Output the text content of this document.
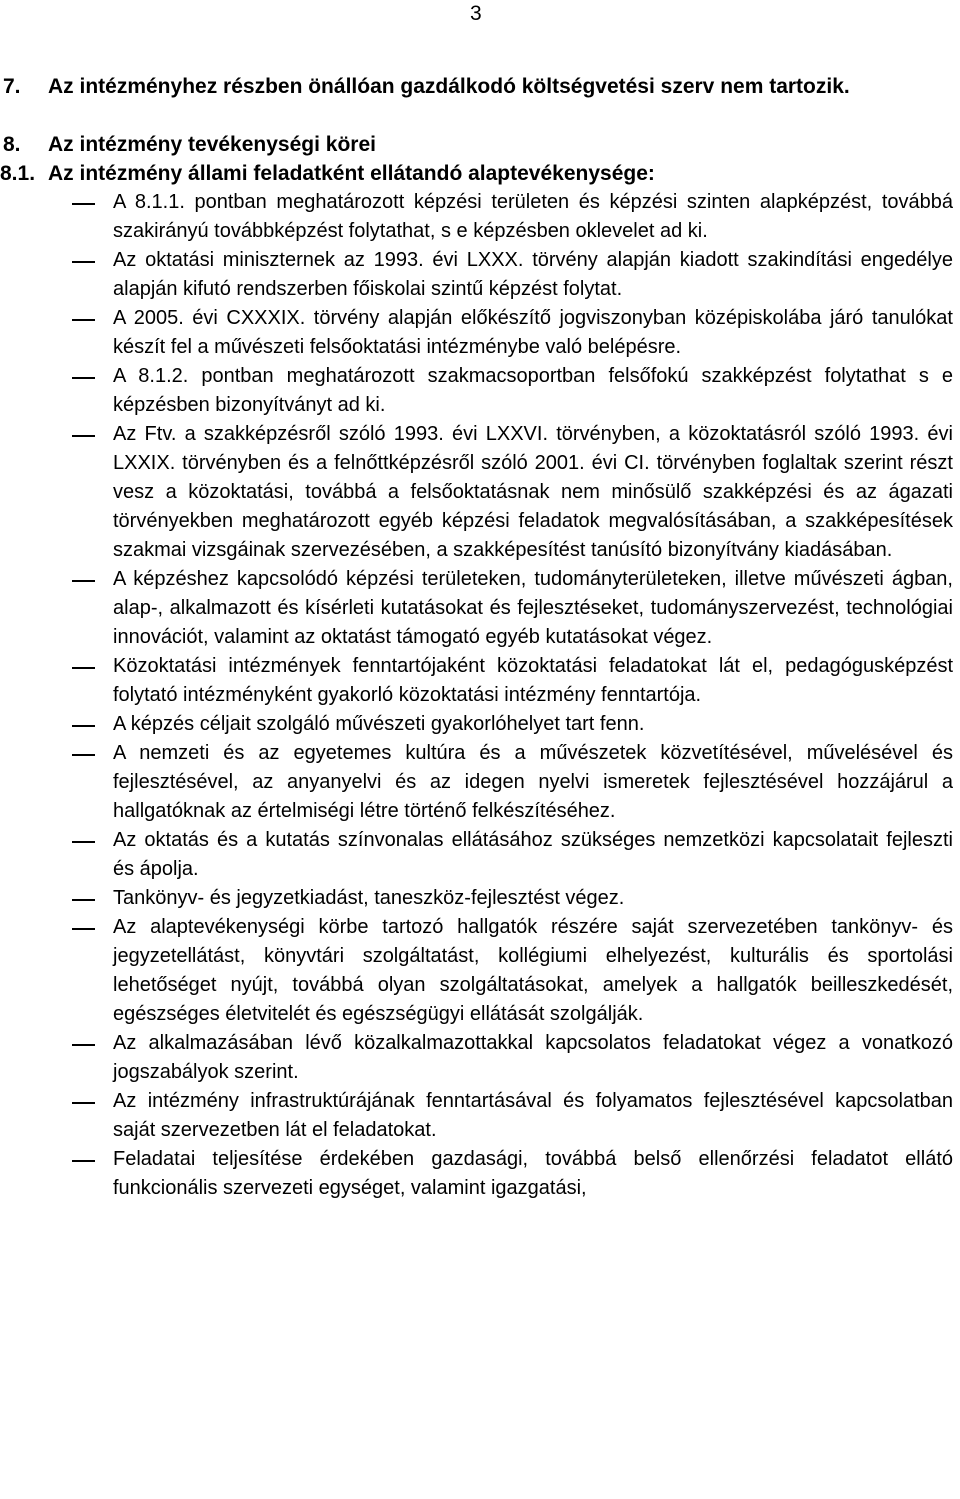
3
7.	Az intézményhez részben önállóan gazdálkodó költségvetési szerv nem tartozik.
8.	Az intézmény tevékenységi körei
8.1. Az intézmény állami feladatként ellátandó alaptevékenysége:
A 8.1.1. pontban meghatározott képzési területen és képzési szinten alapképzést, továbbá szakirányú továbbképzést folytathat, s e képzésben oklevelet ad ki.
Az oktatási miniszternek az 1993. évi LXXX. törvény alapján kiadott szakindítási engedélye alapján kifutó rendszerben főiskolai szintű képzést folytat.
A 2005. évi CXXXIX. törvény alapján előkészítő jogviszonyban középiskolába járó tanulókat készít fel a művészeti felsőoktatási intézménybe való belépésre.
A 8.1.2. pontban meghatározott szakmacsoportban felsőfokú szakképzést folytathat s e képzésben bizonyítványt ad ki.
Az Ftv. a szakképzésről szóló 1993. évi LXXVI. törvényben, a közoktatásról szóló 1993. évi LXXIX. törvényben és a felnőttképzésről szóló 2001. évi CI. törvényben foglaltak szerint részt vesz a közoktatási, továbbá a felsőoktatásnak nem minősülő szakképzési és az ágazati törvényekben meghatározott egyéb képzési feladatok megvalósításában, a szakképesítések szakmai vizsgáinak szervezésében, a szakképesítést tanúsító bizonyítvány kiadásában.
A képzéshez kapcsolódó képzési területeken, tudományterületeken, illetve művészeti ágban, alap-, alkalmazott és kísérleti kutatásokat és fejlesztéseket, tudományszervezést, technológiai innovációt, valamint az oktatást támogató egyéb kutatásokat végez.
Közoktatási intézmények fenntartójaként közoktatási feladatokat lát el, pedagógusképzést folytató intézményként gyakorló közoktatási intézmény fenntartója.
A képzés céljait szolgáló művészeti gyakorlóhelyet tart fenn.
A nemzeti és az egyetemes kultúra és a művészetek közvetítésével, művelésével és fejlesztésével, az anyanyelvi és az idegen nyelvi ismeretek fejlesztésével hozzájárul a hallgatóknak az értelmiségi létre történő felkészítéséhez.
Az oktatás és a kutatás színvonalas ellátásához szükséges nemzetközi kapcsolatait fejleszti és ápolja.
Tankönyv- és jegyzetkiadást, taneszköz-fejlesztést végez.
Az alaptevékenységi körbe tartozó hallgatók részére saját szervezetében tankönyv- és jegyzetellátást, könyvtári szolgáltatást, kollégiumi elhelyezést, kulturális és sportolási lehetőséget nyújt, továbbá olyan szolgáltatásokat, amelyek a hallgatók beilleszkedését, egészséges életvitelét és egészségügyi ellátását szolgálják.
Az alkalmazásában lévő közalkalmazottakkal kapcsolatos feladatokat végez a vonatkozó jogszabályok szerint.
Az intézmény infrastruktúrájának fenntartásával és folyamatos fejlesztésével kapcsolatban saját szervezetben lát el feladatokat.
Feladatai teljesítése érdekében gazdasági, továbbá belső ellenőrzési feladatot ellátó funkcionális szervezeti egységet, valamint igazgatási,
